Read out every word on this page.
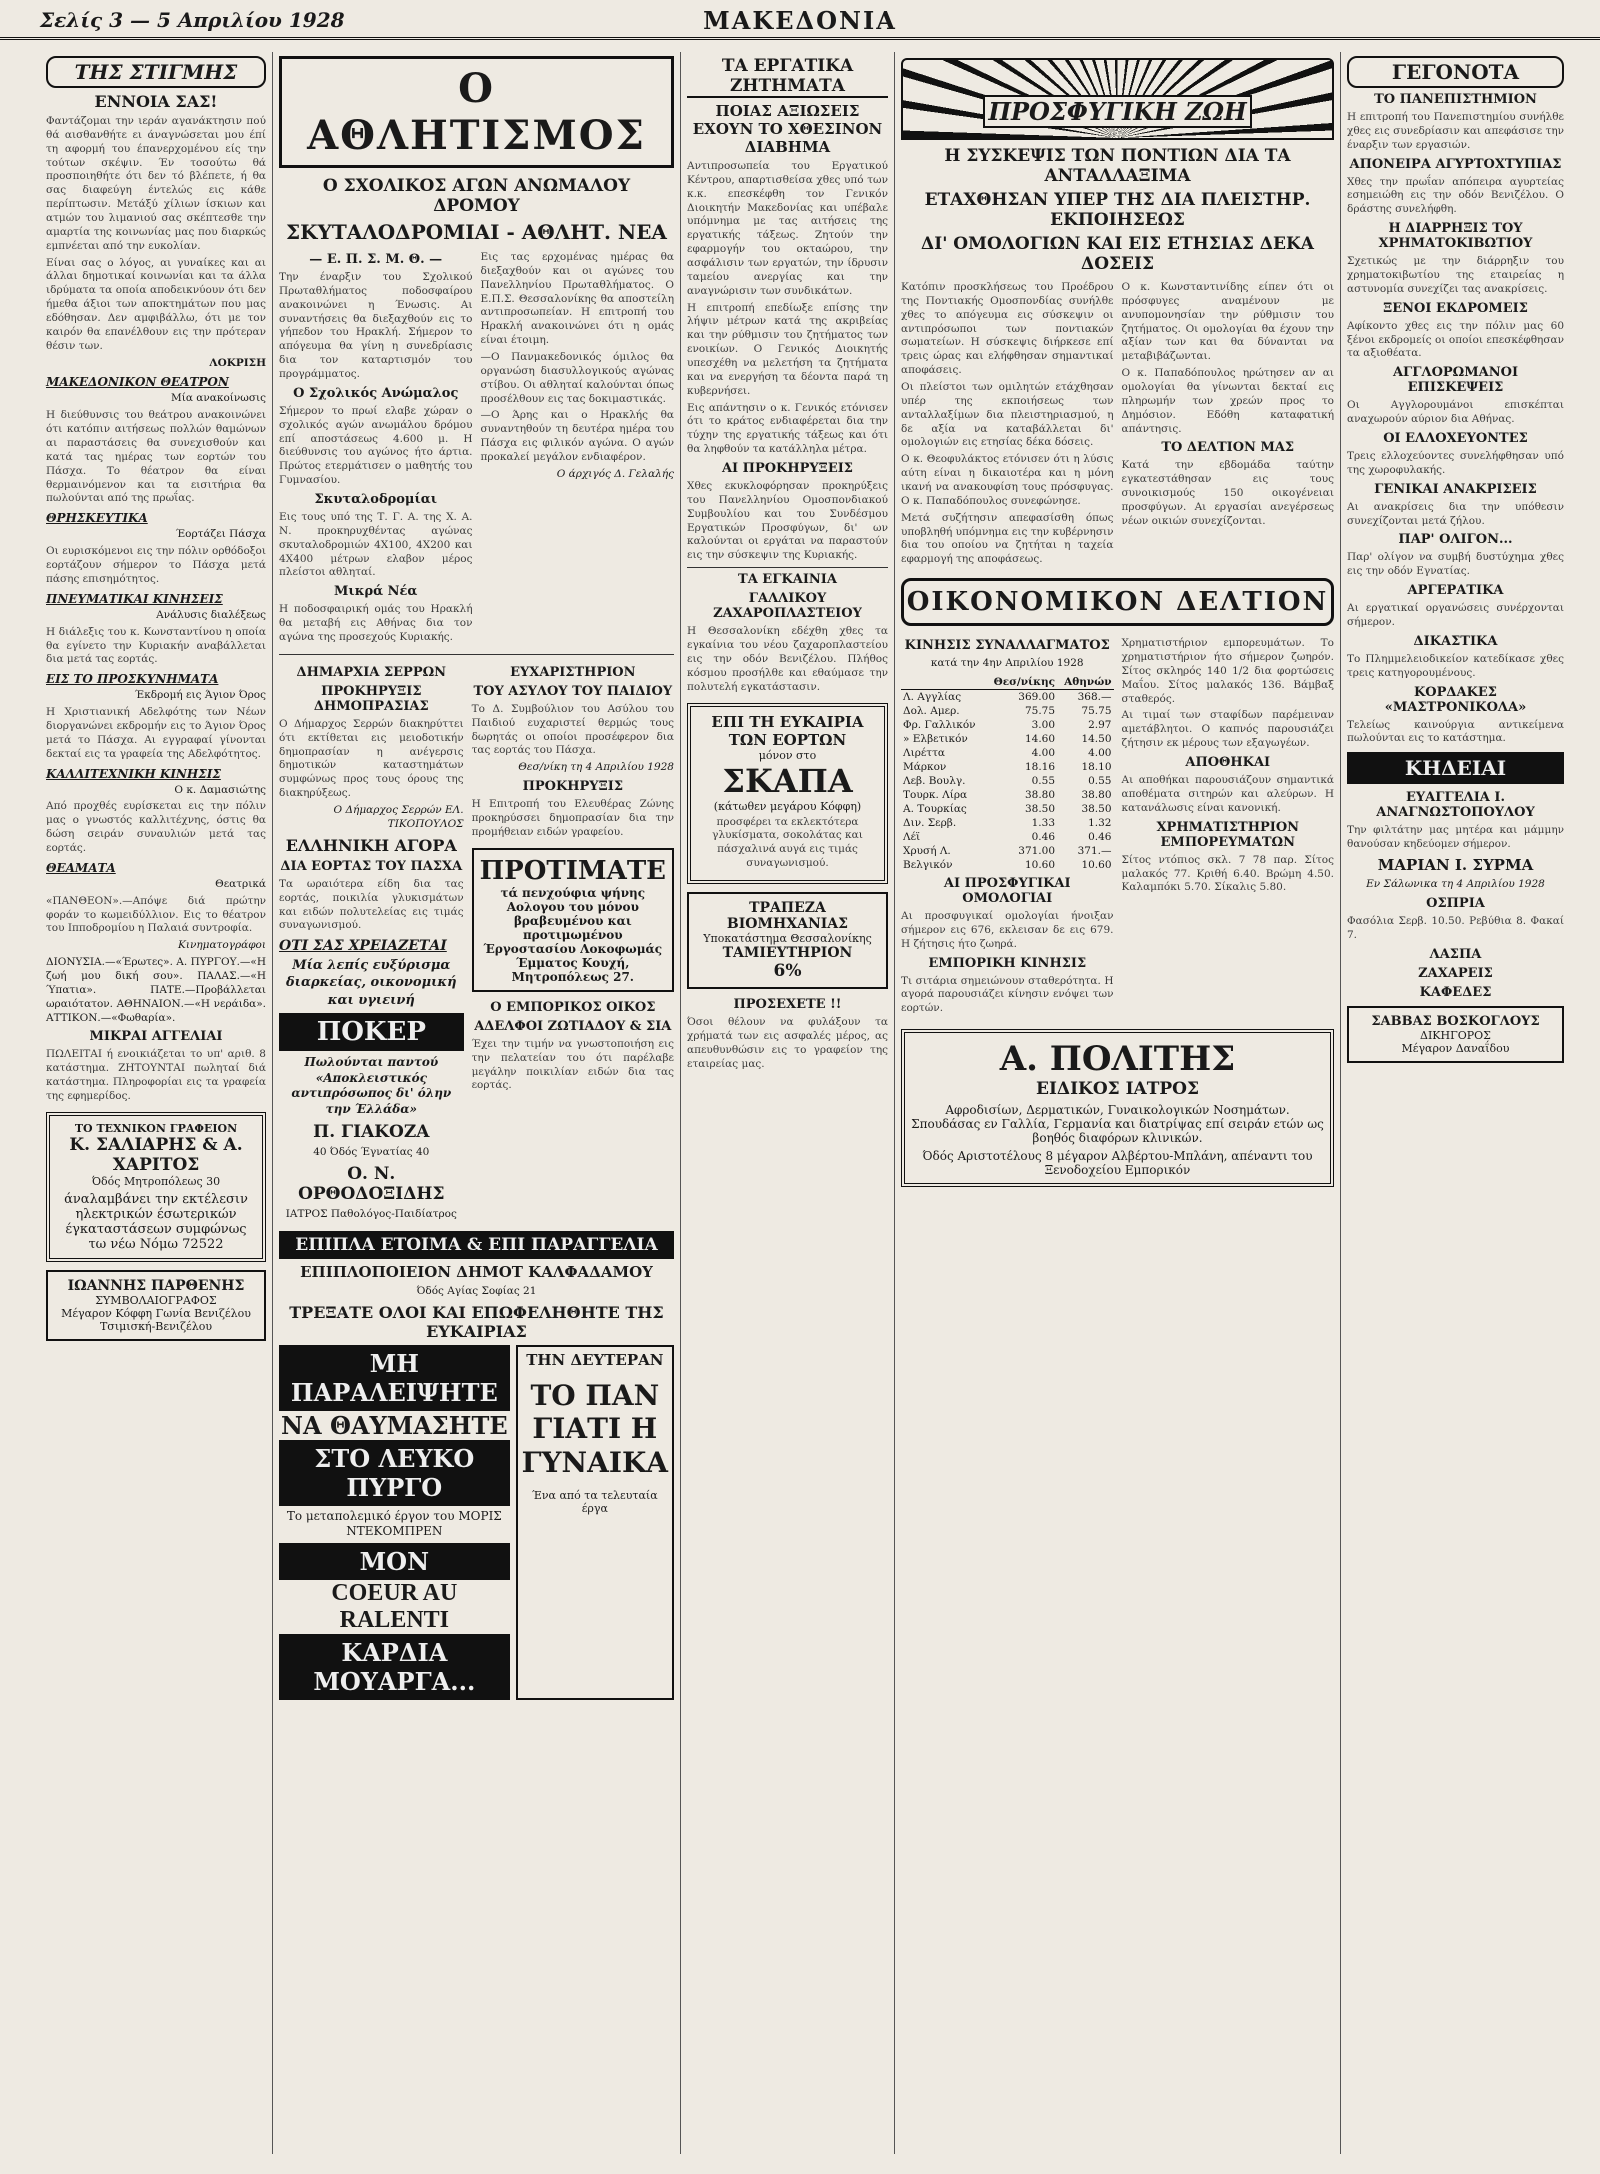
Σελίς 3 — 5 Απριλίου 1928	ΜΑΚΕΔΟΝΙΑ
ΤΗΣ ΣΤΙΓΜΗΣ
ΕΝΝΟΙΑ ΣΑΣ!

Φαντάζομαι την ιεράν αγανάκτησιν πού θά αισθανθήτε ει άναγνώσεται μου έπί τη αφορμή του έπανερχομένου είς την τούτων σκέψιν. Έν τοσούτω θά προσποιηθήτε ότι δεν τό βλέπετε, ή θα σας διαφεύγη έντελώς εις κάθε περίπτωσιν. Μετάξύ χίλιων ίσκιων και ατμών του λιμανιού σας σκέπτεσθε την αμαρτία της κοινωνίας μας που διαρκώς εμπνέεται από την ευκολίαν.

Είναι σας ο λόγος, αι γυναίκες και αι άλλαι δημοτικαί κοινωνίαι και τα άλλα ιδρύματα τα οποία αποδεικνύουν ότι δεν ήμεθα άξιοι των αποκτημάτων που μας εδόθησαν. Δεν αμφιβάλλω, ότι με τον καιρόν θα επανέλθουν εις την πρότεραν θέσιν των.

ΛΟΚΡΙΣΗ

ΜΑΚΕΔΟΝΙΚΟΝ ΘΕΑΤΡΟΝ
Μία ανακοίνωσις

Η διεύθυνσις του θεάτρου ανακοινώνει ότι κατόπιν αιτήσεως πολλών θαμώνων αι παραστάσεις θα συνεχισθούν και κατά τας ημέρας των εορτών του Πάσχα. Το θέατρον θα είναι θερμαινόμενον και τα εισιτήρια θα πωλούνται από της πρωΐας.

ΘΡΗΣΚΕΥΤΙΚΑ
Έορτάζει Πάσχα

Οι ευρισκόμενοι εις την πόλιν ορθόδοξοι εορτάζουν σήμερον το Πάσχα μετά πάσης επισημότητος.

ΠΝΕΥΜΑΤΙΚΑΙ ΚΙΝΗΣΕΙΣ
Ανάλυσις διαλέξεως

Η διάλεξις του κ. Κωνσταντίνου η οποία θα εγίνετο την Κυριακήν αναβάλλεται δια μετά τας εορτάς.

ΕΙΣ ΤΟ ΠΡΟΣΚΥΝΗΜΑΤΑ
Έκδρομή εις Άγιον Όρος

Η Χριστιανική Αδελφότης των Νέων διοργανώνει εκδρομήν εις το Άγιον Όρος μετά το Πάσχα. Αι εγγραφαί γίνονται δεκταί εις τα γραφεία της Αδελφότητος.

ΚΑΛΛΙΤΕΧΝΙΚΗ ΚΙΝΗΣΙΣ
Ο κ. Δαμασιώτης

Από προχθές ευρίσκεται εις την πόλιν μας ο γνωστός καλλιτέχνης, όστις θα δώση σειράν συναυλιών μετά τας εορτάς.

ΘΕΑΜΑΤΑ
Θεατρικά

«ΠΑΝΘΕΟΝ».—Απόψε διά πρώτην φοράν το κωμειδύλλιον. Εις το θέατρον του Ιπποδρομίου η Παλαιά συντροφία.

Κινηματογράφοι

ΔΙΟΝΥΣΙΑ.—«Έρωτες». Α. ΠΥΡΓΟΥ.—«Η ζωή μου δική σου». ΠΑΛΑΣ.—«Η Ύπατια». ΠΑΤΕ.—Προβάλλεται ωραιότατον. ΑΘΗΝΑΙΟΝ.—«Η νεράιδα». ΑΤΤΙΚΟΝ.—«Φωθαρία».

ΜΙΚΡΑΙ ΑΓΓΕΛΙΑΙ

ΠΩΛΕΙΤΑΙ ή ενοικιάζεται το υπ' αριθ. 8 κατάστημα. ΖΗΤΟΥΝΤΑΙ πωληταί διά κατάστημα. Πληροφορίαι εις τα γραφεία της εφημερίδος.

ΤΟ ΤΕΧΝΙΚΟΝ ΓΡΑΦΕΙΟΝ
Κ. ΣΑΛΙΑΡΗΣ & Α. ΧΑΡΙΤΟΣ
Όδός Μητροπόλεως 30
άναλαμβάνει την εκτέλεσιν ηλεκτρικών έσωτερικών έγκαταστάσεων συμφώνως τω νέω Νόμω 72522
ΙΩΑΝΝΗΣ ΠΑΡΘΕΝΗΣ
ΣΥΜΒΟΛΑΙΟΓΡΑΦΟΣ
Μέγαρον Κόφφη Γωνία Βενιζέλου Τσιμισκή-Βενιζέλου
Ο ΑΘΛΗΤΙΣΜΟΣ
Ο ΣΧΟΛΙΚΟΣ ΑΓΩΝ ΑΝΩΜΑΛΟΥ ΔΡΟΜΟΥ
ΣΚΥΤΑΛΟΔΡΟΜΙΑΙ - ΑΘΛΗΤ. ΝΕΑ
— Ε. Π. Σ. Μ. Θ. —

Την έναρξιν του Σχολικού Πρωταθλήματος ποδοσφαίρου ανακοινώνει η Ένωσις. Αι συναντήσεις θα διεξαχθούν εις το γήπεδον του Ηρακλή. Σήμερον το απόγευμα θα γίνη η συνεδρίασις δια τον καταρτισμόν του προγράμματος.

Ο Σχολικός Ανώμαλος

Σήμερον το πρωί ελαβε χώραν ο σχολικός αγών ανωμάλου δρόμου επί αποστάσεως 4.600 μ. Η διεύθυνσις του αγώνος ήτο άρτια. Πρώτος ετερμάτισεν ο μαθητής του Γυμνασίου.

Σκυταλοδρομίαι

Εις τους υπό της Τ. Γ. Α. της Χ. Α. Ν. προκηρυχθέντας αγώνας σκυταλοδρομιών 4Χ100, 4Χ200 και 4Χ400 μέτρων ελαβον μέρος πλείστοι αθληταί.

Μικρά Νέα

Η ποδοσφαιρική ομάς του Ηρακλή θα μεταβή εις Αθήνας δια τον αγώνα της προσεχούς Κυριακής.

Εις τας ερχομένας ημέρας θα διεξαχθούν και οι αγώνες του Πανελληνίου Πρωταθλήματος. Ο Ε.Π.Σ. Θεσσαλονίκης θα αποστείλη αντιπροσωπείαν. Η επιτροπή του Ηρακλή ανακοινώνει ότι η ομάς είναι έτοιμη.

—Ο Πανμακεδονικός όμιλος θα οργανώση διασυλλογικούς αγώνας στίβου. Οι αθληταί καλούνται όπως προσέλθουν εις τας δοκιμαστικάς.

—Ο Άρης και ο Ηρακλής θα συναντηθούν τη δευτέρα ημέρα του Πάσχα εις φιλικόν αγώνα. Ο αγών προκαλεί μεγάλον ενδιαφέρον.

Ο άρχιγός Δ. Γελαλής

ΔΗΜΑΡΧΙΑ ΣΕΡΡΩΝ
ΠΡΟΚΗΡΥΞΙΣ ΔΗΜΟΠΡΑΣΙΑΣ

Ο Δήμαρχος Σερρών διακηρύττει ότι εκτίθεται εις μειοδοτικήν δημοπρασίαν η ανέγερσις δημοτικών καταστημάτων συμφώνως προς τους όρους της διακηρύξεως.

Ο Δήμαρχος Σερρών ΕΛ. ΤΙΚΟΠΟΥΛΟΣ

ΕΛΛΗΝΙΚΗ ΑΓΟΡΑ
ΔΙΑ ΕΟΡΤΑΣ ΤΟΥ ΠΑΣΧΑ

Τα ωραιότερα είδη δια τας εορτάς, ποικιλία γλυκισμάτων και ειδών πολυτελείας εις τιμάς συναγωνισμού.

ΟΤΙ ΣΑΣ ΧΡΕΙΑΖΕΤΑΙ
Μία λεπίς ευξύρισμα διαρκείας, οικονομική και υγιεινή
ΠΟΚΕΡ
Πωλούνται παντού «Αποκλειστικός αντιπρόσωπος δι' όλην την Έλλάδα»
Π. ΓΙΑΚΟΖΑ
40 Όδός Έγνατίας 40
Ο. Ν. ΟΡΘΟΔΟΞΙΔΗΣ
ΙΑΤΡΟΣ Παθολόγος-Παιδίατρος
ΕΥΧΑΡΙΣΤΗΡΙΟΝ
ΤΟΥ ΑΣΥΛΟΥ ΤΟΥ ΠΑΙΔΙΟΥ

Το Δ. Συμβούλιον του Ασύλου του Παιδιού ευχαριστεί θερμώς τους δωρητάς οι οποίοι προσέφερον δια τας εορτάς του Πάσχα.

Θεσ/νίκη τη 4 Απριλίου 1928

ΠΡΟΚΗΡΥΞΙΣ

Η Επιτροπή του Ελευθέρας Ζώνης προκηρύσσει δημοπρασίαν δια την προμήθειαν ειδών γραφείου.

ΠΡΟΤΙΜΑΤΕ
τά πενχούφια ψήνης Αολογου του μόνου βραβευμένου και προτιμωμένου Έργοστασίου Λοκοφωμάς Έμματος Κουχή, Μητροπόλεως 27.
Ο ΕΜΠΟΡΙΚΟΣ ΟΙΚΟΣ
ΑΔΕΛΦΟΙ ΖΩΤΙΑΔΟΥ & ΣΙΑ

Έχει την τιμήν να γνωστοποιήση εις την πελατείαν του ότι παρέλαβε μεγάλην ποικιλίαν ειδών δια τας εορτάς.

ΕΠΙΠΛΑ ΕΤΟΙΜΑ & ΕΠΙ ΠΑΡΑΓΓΕΛΙΑ
ΕΠΙΠΛΟΠΟΙΕΙΟΝ ΔΗΜΟΤ ΚΑΛΦΑΔΑΜΟΥ
Όδός Αγίας Σοφίας 21
ΤΡΕΞΑΤΕ ΟΛΟΙ ΚΑΙ ΕΠΩΦΕΛΗΘΗΤΕ ΤΗΣ ΕΥΚΑΙΡΙΑΣ
ΜΗ ΠΑΡΑΛΕΙΨΗΤΕ
ΝΑ ΘΑΥΜΑΣΗΤΕ
ΣΤΟ ΛΕΥΚΟ ΠΥΡΓΟ
Το μεταπολεμικό έργον του ΜΟΡΙΣ ΝΤΕΚΟΜΠΡΕΝ
MON
COEUR AU RALENTI
ΚΑΡΔΙΑ ΜΟΥΑΡΓΑ...
ΤΗΝ ΔΕΥΤΕΡΑΝ
ΤΟ ΠΑΝ ΓΙΑΤΙ Η ΓΥΝΑΙΚΑ
Ένα από τα τελευταία έργα
ΤΑ ΕΡΓΑΤΙΚΑ ΖΗΤΗΜΑΤΑ
ΠΟΙΑΣ ΑΞΙΩΣΕΙΣ ΕΧΟΥΝ ΤΟ ΧΘΕΣΙΝΟΝ ΔΙΑΒΗΜΑ

Αντιπροσωπεία του Εργατικού Κέντρου, απαρτισθείσα χθες υπό των κ.κ. επεσκέφθη τον Γενικόν Διοικητήν Μακεδονίας και υπέβαλε υπόμνημα με τας αιτήσεις της εργατικής τάξεως. Ζητούν την εφαρμογήν του οκταώρου, την ασφάλισιν των εργατών, την ίδρυσιν ταμείου ανεργίας και την αναγνώρισιν των συνδικάτων.

Η επιτροπή επεδίωξε επίσης την λήψιν μέτρων κατά της ακριβείας και την ρύθμισιν του ζητήματος των ενοικίων. Ο Γενικός Διοικητής υπεσχέθη να μελετήση τα ζητήματα και να ενεργήση τα δέοντα παρά τη κυβερνήσει.

Εις απάντησιν ο κ. Γενικός ετόνισεν ότι το κράτος ενδιαφέρεται δια την τύχην της εργατικής τάξεως και ότι θα ληφθούν τα κατάλληλα μέτρα.

ΑΙ ΠΡΟΚΗΡΥΞΕΙΣ

Χθες εκυκλοφόρησαν προκηρύξεις του Πανελληνίου Ομοσπονδιακού Συμβουλίου και του Συνδέσμου Εργατικών Προσφύγων, δι' ων καλούνται οι εργάται να παραστούν εις την σύσκεψιν της Κυριακής.

ΤΑ ΕΓΚΑΙΝΙΑ
ΓΑΛΛΙΚΟΥ ΖΑΧΑΡΟΠΛΑΣΤΕΙΟΥ

Η Θεσσαλονίκη εδέχθη χθες τα εγκαίνια του νέου ζαχαροπλαστείου εις την οδόν Βενιζέλου. Πλήθος κόσμου προσήλθε και εθαύμασε την πολυτελή εγκατάστασιν.

ΕΠΙ ΤΗ ΕΥΚΑΙΡΙΑ ΤΩΝ ΕΟΡΤΩΝ
μόνον στο
ΣΚΑΠΑ
(κάτωθεν μεγάρου Κόφφη)

προσφέρει τα εκλεκτότερα γλυκίσματα, σοκολάτας και πάσχαλινά αυγά εις τιμάς συναγωνισμού.

ΤΡΑΠΕΖΑ ΒΙΟΜΗΧΑΝΙΑΣ
Υποκατάστημα Θεσσαλονίκης
ΤΑΜΙΕΥΤΗΡΙΟΝ
6%
ΠΡΟΣΕΧΕΤΕ !!

Όσοι θέλουν να φυλάξουν τα χρήματά των εις ασφαλές μέρος, ας απευθυνθώσιν εις το γραφείον της εταιρείας μας.

ΠΡΟΣΦΥΓΙΚΗ ΖΩΗ
Η ΣΥΣΚΕΨΙΣ ΤΩΝ ΠΟΝΤΙΩΝ ΔΙΑ ΤΑ ΑΝΤΑΛΛΑΞΙΜΑ
ΕΤΑΧΘΗΣΑΝ ΥΠΕΡ ΤΗΣ ΔΙΑ ΠΛΕΙΣΤΗΡ. ΕΚΠΟΙΗΣΕΩΣ
ΔΙ' ΟΜΟΛΟΓΙΩΝ ΚΑΙ ΕΙΣ ΕΤΗΣΙΑΣ ΔΕΚΑ ΔΟΣΕΙΣ

Κατόπιν προσκλήσεως του Προέδρου της Ποντιακής Ομοσπονδίας συνήλθε χθες το απόγευμα εις σύσκεψιν οι αντιπρόσωποι των ποντιακών σωματείων. Η σύσκεψις διήρκεσε επί τρεις ώρας και ελήφθησαν σημαντικαί αποφάσεις.

Οι πλείστοι των ομιλητών ετάχθησαν υπέρ της εκποιήσεως των ανταλλαξίμων δια πλειστηριασμού, η δε αξία να καταβάλλεται δι' ομολογιών εις ετησίας δέκα δόσεις.

Ο κ. Θεοφυλάκτος ετόνισεν ότι η λύσις αύτη είναι η δικαιοτέρα και η μόνη ικανή να ανακουφίση τους πρόσφυγας. Ο κ. Παπαδόπουλος συνεφώνησε.

Μετά συζήτησιν απεφασίσθη όπως υποβληθή υπόμνημα εις την κυβέρνησιν δια του οποίου να ζητήται η ταχεία εφαρμογή της αποφάσεως.

Ο κ. Κωνσταντινίδης είπεν ότι οι πρόσφυγες αναμένουν με ανυπομονησίαν την ρύθμισιν του ζητήματος. Οι ομολογίαι θα έχουν την αξίαν των και θα δύνανται να μεταβιβάζωνται.

Ο κ. Παπαδόπουλος ηρώτησεν αν αι ομολογίαι θα γίνωνται δεκταί εις πληρωμήν των χρεών προς το Δημόσιον. Εδόθη καταφατική απάντησις.

ΤΟ ΔΕΛΤΙΟΝ ΜΑΣ

Κατά την εβδομάδα ταύτην εγκατεστάθησαν εις τους συνοικισμούς 150 οικογένειαι προσφύγων. Αι εργασίαι ανεγέρσεως νέων οικιών συνεχίζονται.

ΟΙΚΟΝΟΜΙΚΟΝ ΔΕΛΤΙΟΝ
ΚΙΝΗΣΙΣ ΣΥΝΑΛΛΑΓΜΑΤΟΣ
κατά την 4ην Απριλίου 1928
	Θεσ/νίκης	Αθηνών
Λ. Αγγλίας	369.00	368.—
Δολ. Αμερ.	75.75	75.75
Φρ. Γαλλικόν	3.00	2.97
» Ελβετικόν	14.60	14.50
Λιρέττα	4.00	4.00
Μάρκον	18.16	18.10
Λεβ. Βουλγ.	0.55	0.55
Τουρκ. Λίρα	38.80	38.80
Α. Τουρκίας	38.50	38.50
Διν. Σερβ.	1.33	1.32
Λέϊ	0.46	0.46
Χρυσή Λ.	371.00	371.—
Βελγικόν	10.60	10.60
ΑΙ ΠΡΟΣΦΥΓΙΚΑΙ ΟΜΟΛΟΓΙΑΙ

Αι προσφυγικαί ομολογίαι ήνοιξαν σήμερον εις 676, εκλεισαν δε εις 679. Η ζήτησις ήτο ζωηρά.

ΕΜΠΟΡΙΚΗ ΚΙΝΗΣΙΣ

Τι σιτάρια σημειώνουν σταθερότητα. Η αγορά παρουσιάζει κίνησιν ενόψει των εορτών.

Χρηματιστήριον εμπορευμάτων. Το χρηματιστήριον ήτο σήμερον ζωηρόν. Σίτος σκληρός 140 1/2 δια φορτώσεις Μαΐου. Σίτος μαλακός 136. Βάμβαξ σταθερός.

Αι τιμαί των σταφίδων παρέμειναν αμετάβλητοι. Ο καπνός παρουσιάζει ζήτησιν εκ μέρους των εξαγωγέων.

ΑΠΟΘΗΚΑΙ

Αι αποθήκαι παρουσιάζουν σημαντικά αποθέματα σιτηρών και αλεύρων. Η κατανάλωσις είναι κανονική.

ΧΡΗΜΑΤΙΣΤΗΡΙΟΝ ΕΜΠΟΡΕΥΜΑΤΩΝ

Σίτος ντόπιος σκλ. 7 78 παρ. Σίτος μαλακός 77. Κριθή 6.40. Βρώμη 4.50. Καλαμπόκι 5.70. Σίκαλις 5.80.

Α. ΠΟΛΙΤΗΣ
ΕΙΔΙΚΟΣ ΙΑΤΡΟΣ
Αφροδισίων, Δερματικών, Γυναικολογικών Νοσημάτων. Σπουδάσας εν Γαλλία, Γερμανία και διατρίψας επί σειράν ετών ως βοηθός διαφόρων κλινικών.
Όδός Αριστοτέλους 8 μέγαρον Αλβέρτου-Μπλάνη, απέναντι του Ξενοδοχείου Εμπορικόν
ΓΕΓΟΝΟΤΑ
ΤΟ ΠΑΝΕΠΙΣΤΗΜΙΟΝ

Η επιτροπή του Πανεπιστημίου συνήλθε χθες εις συνεδρίασιν και απεφάσισε την έναρξιν των εργασιών.

ΑΠΟΝΕΙΡΑ ΑΓΥΡΤΟΧΤΥΠΙΑΣ

Χθες την πρωΐαν απόπειρα αγυρτείας εσημειώθη εις την οδόν Βενιζέλου. Ο δράστης συνελήφθη.

Η ΔΙΑΡΡΗΞΙΣ ΤΟΥ ΧΡΗΜΑΤΟΚΙΒΩΤΙΟΥ

Σχετικώς με την διάρρηξιν του χρηματοκιβωτίου της εταιρείας η αστυνομία συνεχίζει τας ανακρίσεις.

ΞΕΝΟΙ ΕΚΔΡΟΜΕΙΣ

Αφίκοντο χθες εις την πόλιν μας 60 ξένοι εκδρομείς οι οποίοι επεσκέφθησαν τα αξιοθέατα.

ΑΓΓΛΟΡΩΜΑΝΟΙ ΕΠΙΣΚΕΨΕΙΣ

Οι Αγγλορουμάνοι επισκέπται αναχωρούν αύριον δια Αθήνας.

ΟΙ ΕΛΛΟΧΕΥΟΝΤΕΣ

Τρεις ελλοχεύοντες συνελήφθησαν υπό της χωροφυλακής.

ΓΕΝΙΚΑΙ ΑΝΑΚΡΙΣΕΙΣ

Αι ανακρίσεις δια την υπόθεσιν συνεχίζονται μετά ζήλου.

ΠΑΡ' ΟΛΙΓΟΝ...

Παρ' ολίγον να συμβή δυστύχημα χθες εις την οδόν Εγνατίας.

ΑΡΓΕΡΑΤΙΚΑ

Αι εργατικαί οργανώσεις συνέρχονται σήμερον.

ΔΙΚΑΣΤΙΚΑ

Το Πλημμελειοδικείον κατεδίκασε χθες τρεις κατηγορουμένους.

ΚΟΡΔΑΚΕΣ «ΜΑΣΤΡΟΝΙΚΟΛΑ»

Τελείως καινούργια αντικείμενα πωλούνται εις το κατάστημα.

ΚΗΔΕΙΑΙ
ΕΥΑΓΓΕΛΙΑ Ι. ΑΝΑΓΝΩΣΤΟΠΟΥΛΟΥ

Την φιλτάτην μας μητέρα και μάμμην θανούσαν κηδεύομεν σήμερον.

ΜΑΡΙΑΝ Ι. ΣΥΡΜΑ
Εν Σάλωνικα τη 4 Απριλίου 1928
ΟΣΠΡΙΑ

Φασόλια Σερβ. 10.50. Ρεβύθια 8. Φακαί 7.

ΛΑΣΠΑ
ΖΑΧΑΡΕΙΣ
ΚΑΦΕΔΕΣ
ΣΑΒΒΑΣ ΒΟΣΚΟΓΛΟΥΣ
ΔΙΚΗΓΟΡΟΣ
Μέγαρον Δαναΐδου
